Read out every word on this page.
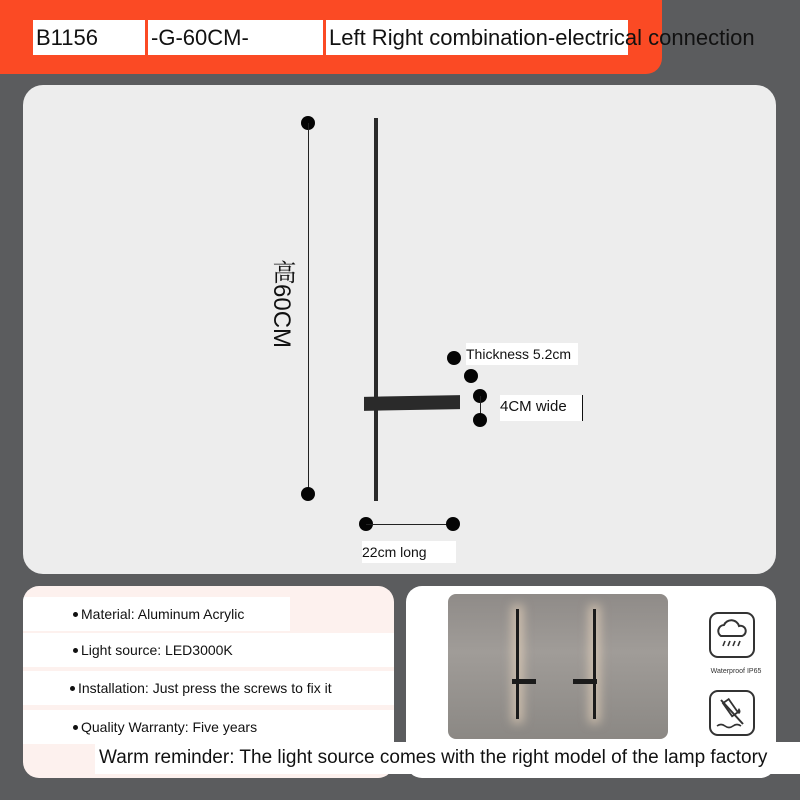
B1156	-G-60CM-	Left Right combination-electrical connection
高60CM
Thickness 5.2cm
4CM wide
22cm long
Material: Aluminum Acrylic
Light source: LED3000K
Installation: Just press the screws to fix it
Quality Warranty: Five years
Waterproof IP65
Warm reminder: The light source comes with the right model of the lamp factory
